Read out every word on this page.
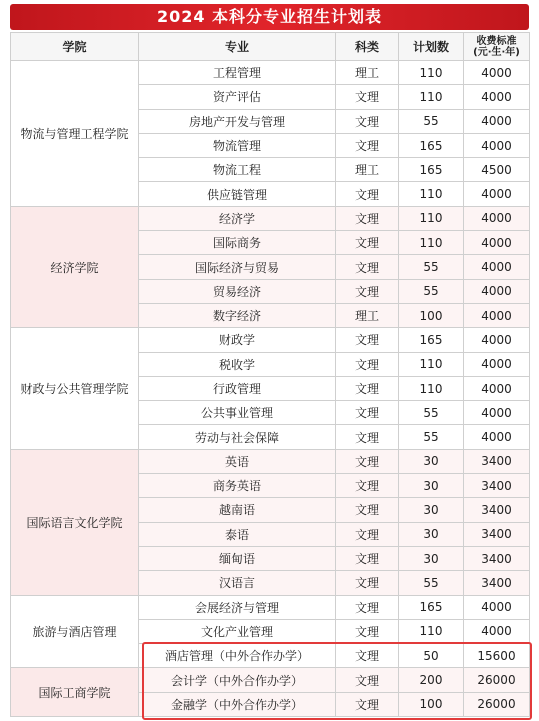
2024 本科分专业招生计划表
学院	专业	科类	计划数	收费标准
(元·生·年)
物流与管理工程学院	工程管理	理工	110	4000
	资产评估	文理	110	4000
	房地产开发与管理	文理	55	4000
	物流管理	文理	165	4000
	物流工程	理工	165	4500
	供应链管理	文理	110	4000
经济学院	经济学	文理	110	4000
	国际商务	文理	110	4000
	国际经济与贸易	文理	55	4000
	贸易经济	文理	55	4000
	数字经济	理工	100	4000
财政与公共管理学院	财政学	文理	165	4000
	税收学	文理	110	4000
	行政管理	文理	110	4000
	公共事业管理	文理	55	4000
	劳动与社会保障	文理	55	4000
国际语言文化学院	英语	文理	30	3400
	商务英语	文理	30	3400
	越南语	文理	30	3400
	泰语	文理	30	3400
	缅甸语	文理	30	3400
	汉语言	文理	55	3400
旅游与酒店管理	会展经济与管理	文理	165	4000
	文化产业管理	文理	110	4000
	酒店管理（中外合作办学）	文理	50	15600
国际工商学院	会计学（中外合作办学）	文理	200	26000
	金融学（中外合作办学）	文理	100	26000
